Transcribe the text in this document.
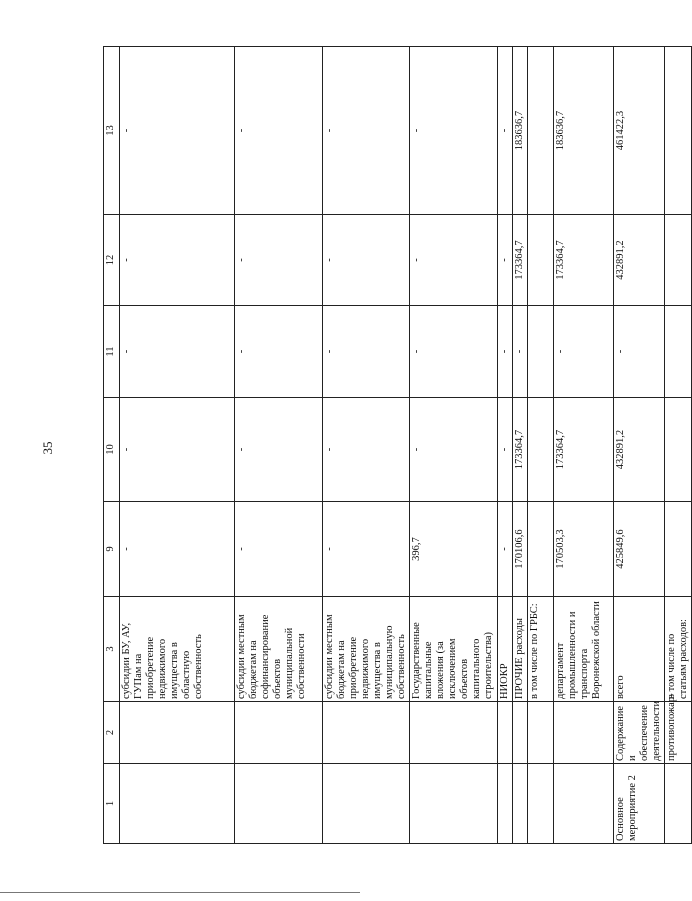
35
1	2	3	9	10	11	12	13
		субсидии БУ, АУ, ГУПам на приобретение недвижимого имущества в областную собственность	-	-	-	-	-
		субсидии местным бюджетам на софинансирование объектов муниципальной собственности	-	-	-	-	-
		субсидии местным бюджетам на приобретение недвижимого имущества в муниципальную собственность	-	-	-	-	-
		Государственные капитальные вложения (за исключением объектов капитального строительства)	396,7	-	-	-	-
		НИОКР	-	-	-	-	-
		ПРОЧИЕ расходы	170106,6	173364,7	-	173364,7	183636,7
		в том числе по ГРБС:					
		департамент промышленности и транспорта Воронежской области	170503,3	173364,7	-	173364,7	183636,7
Основное мероприятие 2	Содержание и обеспечение деятельности	всего	425849,6	432891,2	-	432891,2	461422,3
	противопожар-	в том числе по статьям расходов:					
